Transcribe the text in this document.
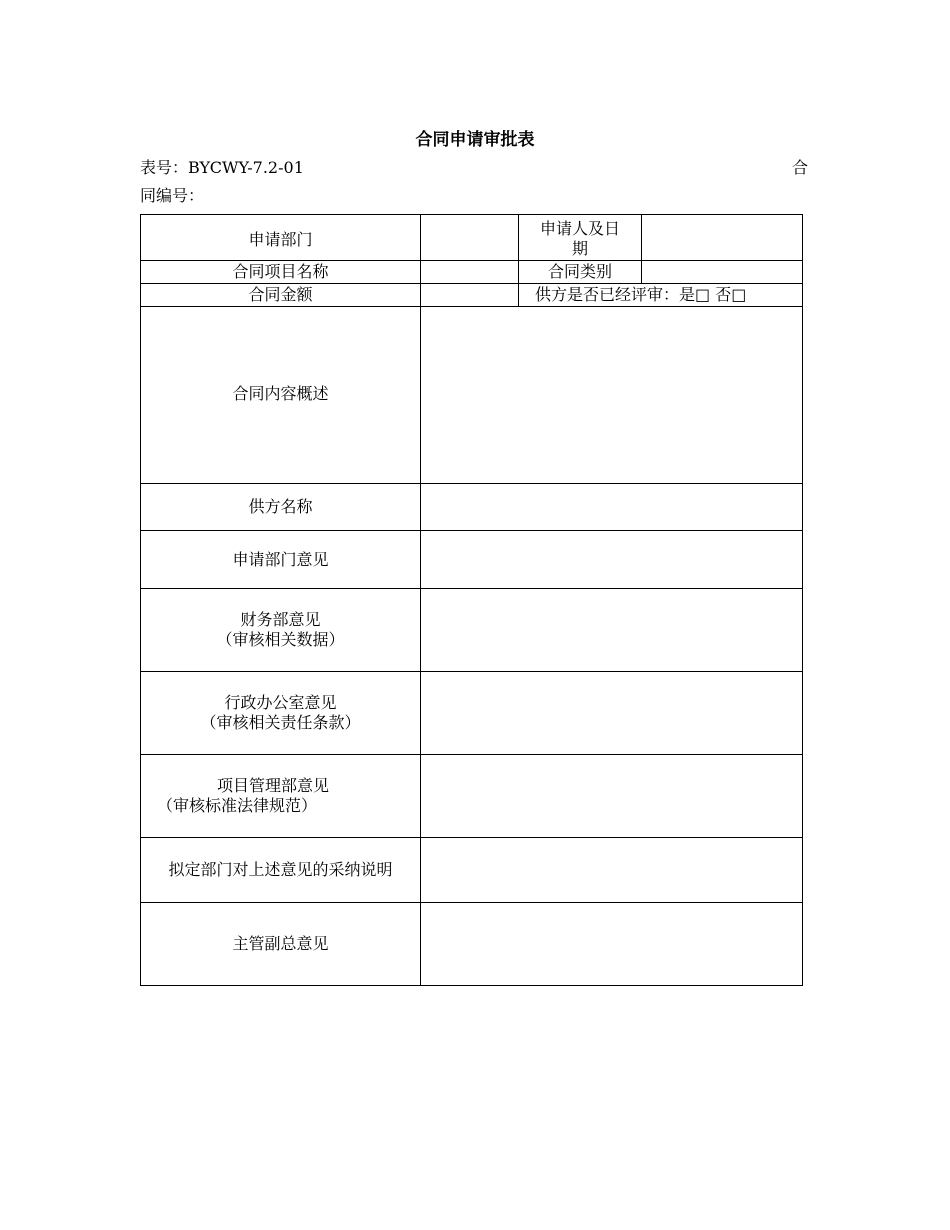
合同申请审批表
表号：BYCWY-7.2-01	合
同编号：
申请部门		申请人及日
期	

合同项目名称		合同类别	
合同金额		供方是否已经评审：是□ 否□	
合同内容概述			
供方名称			
申请部门意见			

财务部意见
（审核相关数据）			

行政办公室意见
（审核相关责任条款）			

项目管理部意见
（审核标准法律规范）			

拟定部门对上述意见的采纳说明			
主管副总意见			
